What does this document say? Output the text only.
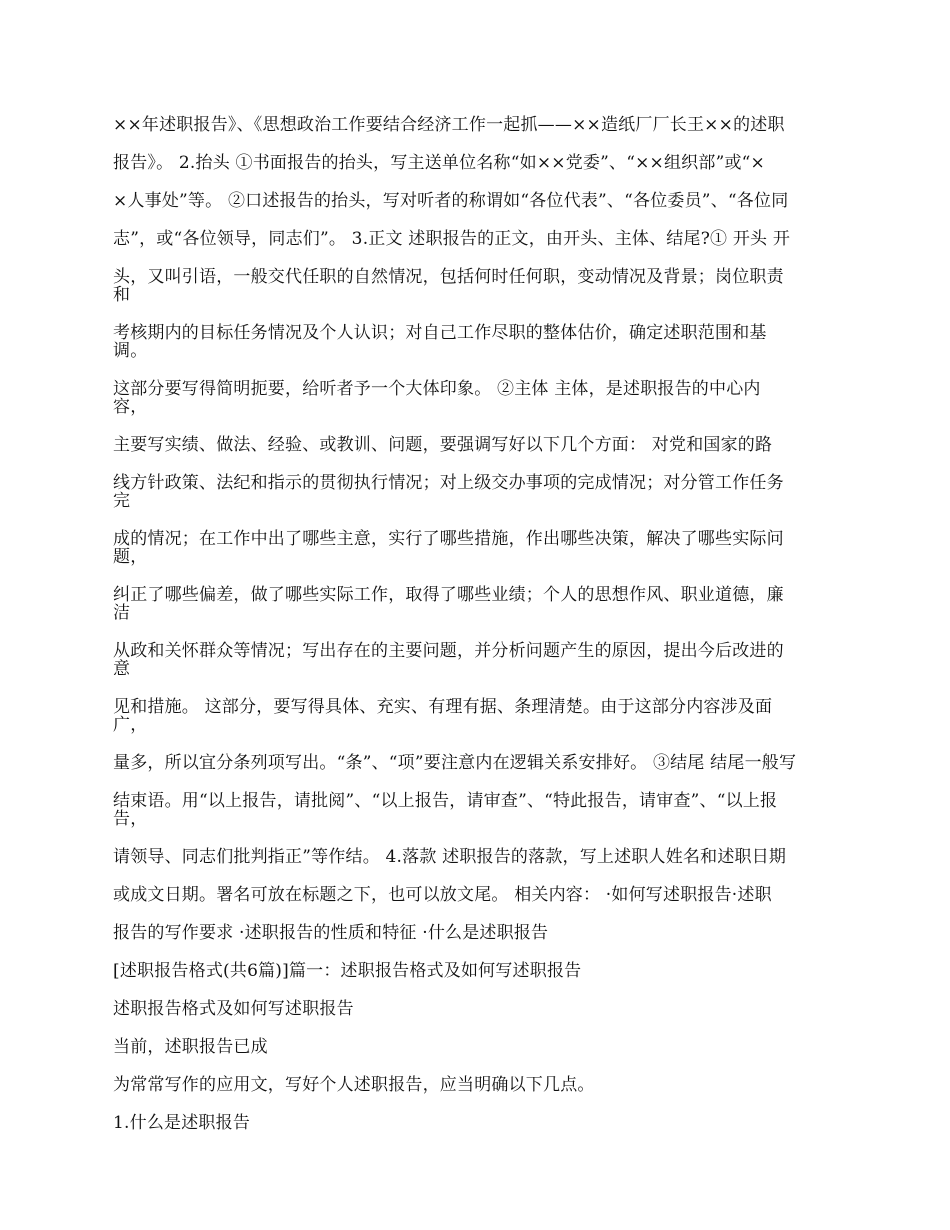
××年述职报告》、《思想政治工作要结合经济工作一起抓——××造纸厂厂长王××的述职

报告》。 2.抬头 ①书面报告的抬头，写主送单位名称“如××党委”、“××组织部”或“×

×人事处”等。 ②口述报告的抬头，写对听者的称谓如“各位代表”、“各位委员”、“各位同

志”，或“各位领导，同志们”。 3.正文 述职报告的正文，由开头、主体、结尾?① 开头 开

头，又叫引语，一般交代任职的自然情况，包括何时任何职，变动情况及背景；岗位职责

和

考核期内的目标任务情况及个人认识；对自己工作尽职的整体估价，确定述职范围和基

调。

这部分要写得简明扼要，给听者予一个大体印象。 ②主体 主体，是述职报告的中心内

容，

主要写实绩、做法、经验、或教训、问题，要强调写好以下几个方面： 对党和国家的路

线方针政策、法纪和指示的贯彻执行情况；对上级交办事项的完成情况；对分管工作任务

完

成的情况；在工作中出了哪些主意，实行了哪些措施，作出哪些决策，解决了哪些实际问

题，

纠正了哪些偏差，做了哪些实际工作，取得了哪些业绩；个人的思想作风、职业道德，廉

洁

从政和关怀群众等情况；写出存在的主要问题，并分析问题产生的原因，提出今后改进的

意

见和措施。 这部分，要写得具体、充实、有理有据、条理清楚。由于这部分内容涉及面

广，

量多，所以宜分条列项写出。“条”、“项”要注意内在逻辑关系安排好。 ③结尾 结尾一般写

结束语。用“以上报告，请批阅”、“以上报告，请审查”、“特此报告，请审查”、“以上报

告，

请领导、同志们批判指正”等作结。 4.落款 述职报告的落款，写上述职人姓名和述职日期

或成文日期。署名可放在标题之下，也可以放文尾。 相关内容： ·如何写述职报告·述职

报告的写作要求 ·述职报告的性质和特征 ·什么是述职报告

[述职报告格式(共6篇)]篇一：述职报告格式及如何写述职报告

述职报告格式及如何写述职报告

当前，述职报告已成

为常常写作的应用文，写好个人述职报告，应当明确以下几点。

1.什么是述职报告
